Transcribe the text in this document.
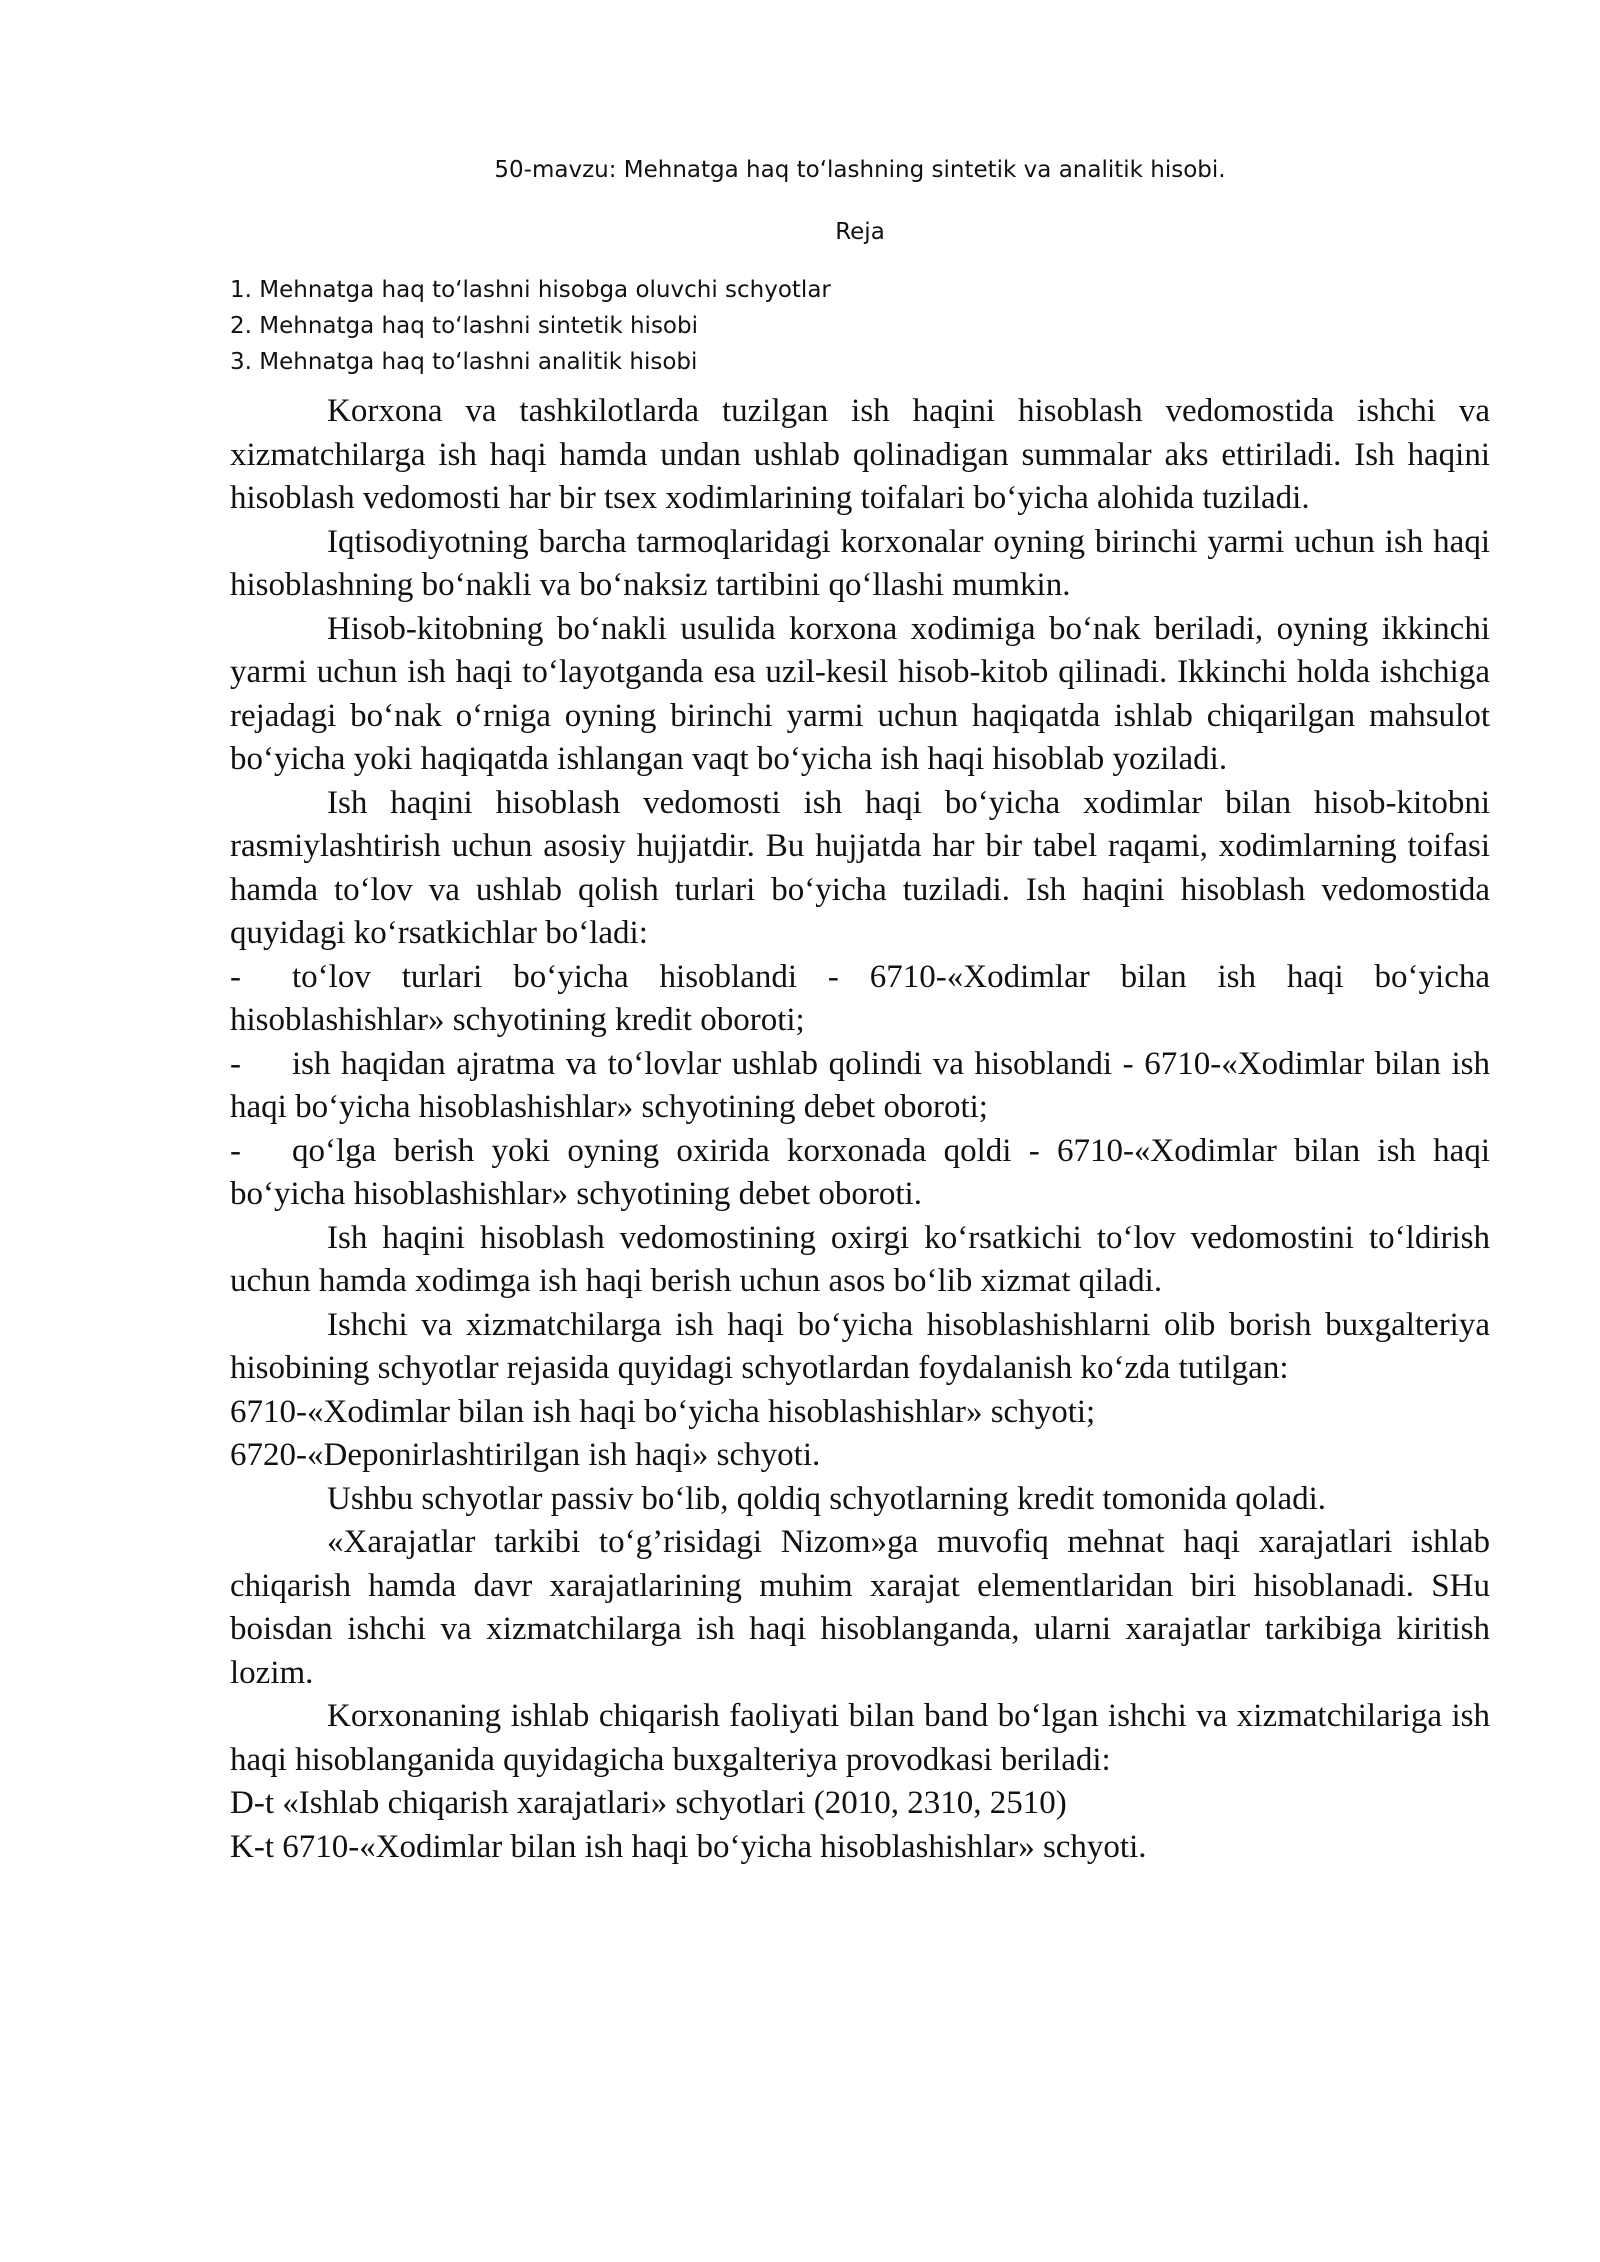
50-mavzu: Mehnatga haq to‘lashning sintetik va analitik hisobi.
Reja
1. Mehnatga haq to‘lashni hisobga oluvchi schyotlar
2. Mehnatga haq to‘lashni sintetik hisobi
3. Mehnatga haq to‘lashni analitik hisobi

Korxona va tashkilotlarda tuzilgan ish haqini hisoblash vedomostida ishchi va xizmatchilarga ish haqi hamda undan ushlab qolinadigan summalar aks ettiriladi. Ish haqini hisoblash vedomosti har bir tsex xodimlarining toifalari bo‘yicha alohida tuziladi.

Iqtisodiyotning barcha tarmoqlaridagi korxonalar oyning birinchi yarmi uchun ish haqi hisoblashning bo‘nakli va bo‘naksiz tartibini qo‘llashi mumkin.

Hisob-kitobning bo‘nakli usulida korxona xodimiga bo‘nak beriladi, oyning ikkinchi yarmi uchun ish haqi to‘layotganda esa uzil-kesil hisob-kitob qilinadi. Ikkinchi holda ishchiga rejadagi bo‘nak o‘rniga oyning birinchi yarmi uchun haqiqatda ishlab chiqarilgan mahsulot bo‘yicha yoki haqiqatda ishlangan vaqt bo‘yicha ish haqi hisoblab yoziladi.

Ish haqini hisoblash vedomosti ish haqi bo‘yicha xodimlar bilan hisob-kitobni rasmiylashtirish uchun asosiy hujjatdir. Bu hujjatda har bir tabel raqami, xodimlarning toifasi hamda to‘lov va ushlab qolish turlari bo‘yicha tuziladi. Ish haqini hisoblash vedomostida quyidagi ko‘rsatkichlar bo‘ladi:

- to‘lov turlari bo‘yicha hisoblandi - 6710-«Xodimlar bilan ish haqi bo‘yicha hisoblashishlar» schyotining kredit oboroti;

- ish haqidan ajratma va to‘lovlar ushlab qolindi va hisoblandi - 6710-«Xodimlar bilan ish haqi bo‘yicha hisoblashishlar» schyotining debet oboroti;

- qo‘lga berish yoki oyning oxirida korxonada qoldi - 6710-«Xodimlar bilan ish haqi bo‘yicha hisoblashishlar» schyotining debet oboroti.

Ish haqini hisoblash vedomostining oxirgi ko‘rsatkichi to‘lov vedomostini to‘ldirish uchun hamda xodimga ish haqi berish uchun asos bo‘lib xizmat qiladi.

Ishchi va xizmatchilarga ish haqi bo‘yicha hisoblashishlarni olib borish buxgalteriya hisobining schyotlar rejasida quyidagi schyotlardan foydalanish ko‘zda tutilgan:

6710-«Xodimlar bilan ish haqi bo‘yicha hisoblashishlar» schyoti;

6720-«Deponirlashtirilgan ish haqi» schyoti.

Ushbu schyotlar passiv bo‘lib, qoldiq schyotlarning kredit tomonida qoladi.

«Xarajatlar tarkibi to‘g’risidagi Nizom»ga muvofiq mehnat haqi xarajatlari ishlab chiqarish hamda davr xarajatlarining muhim xarajat elementlaridan biri hisoblanadi. SHu boisdan ishchi va xizmatchilarga ish haqi hisoblanganda, ularni xarajatlar tarkibiga kiritish lozim.

Korxonaning ishlab chiqarish faoliyati bilan band bo‘lgan ishchi va xizmatchilariga ish haqi hisoblanganida quyidagicha buxgalteriya provodkasi beriladi:

D-t «Ishlab chiqarish xarajatlari» schyotlari (2010, 2310, 2510)

K-t 6710-«Xodimlar bilan ish haqi bo‘yicha hisoblashishlar» schyoti.
